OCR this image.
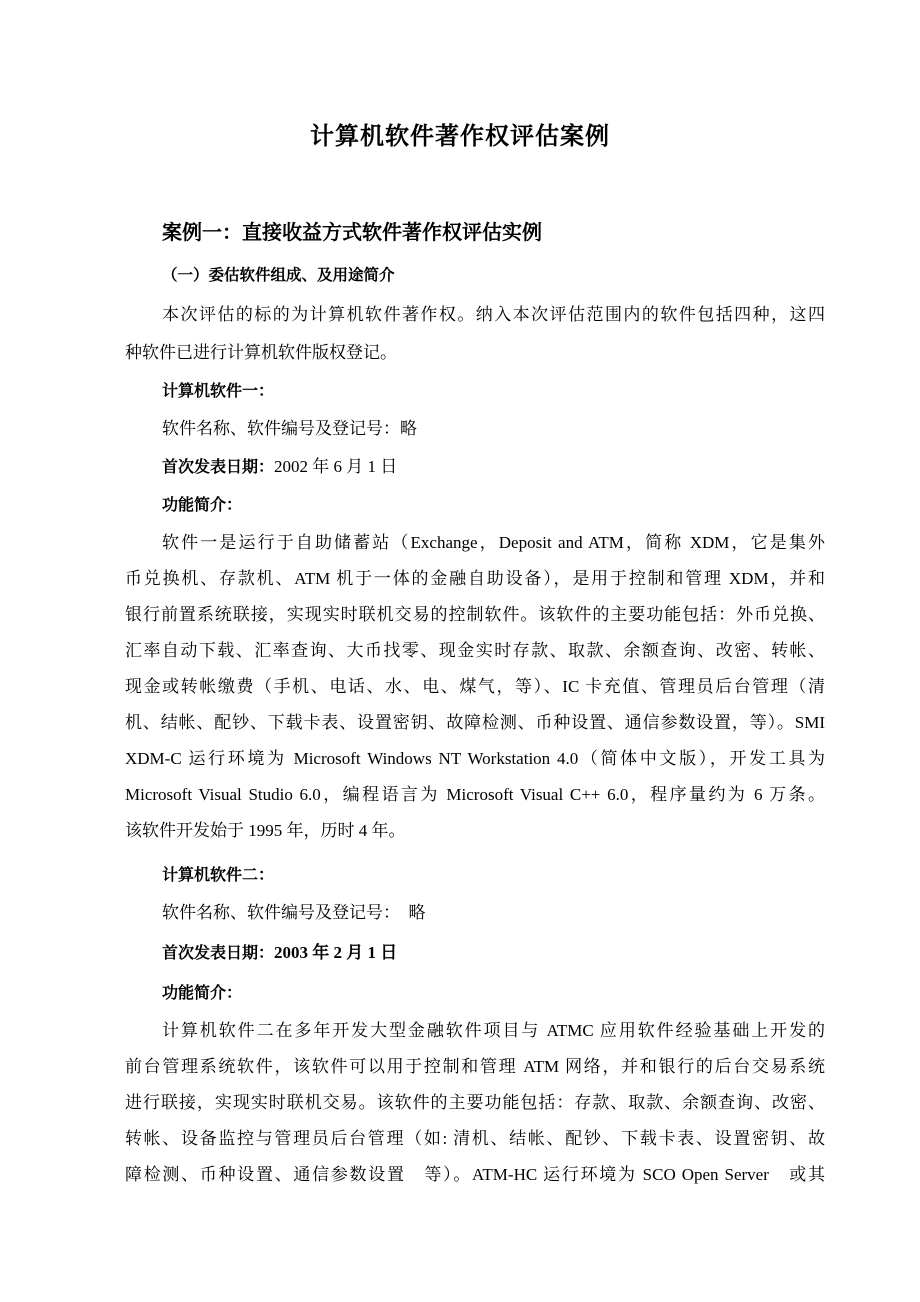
计算机软件著作权评估案例
案例一：直接收益方式软件著作权评估实例
（一）委估软件组成、及用途简介
本次评估的标的为计算机软件著作权。纳入本次评估范围内的软件包括四种，这四
种软件已进行计算机软件版权登记。
计算机软件一：
软件名称、软件编号及登记号：略
首次发表日期：2002 年 6 月 1 日
功能简介：
软件一是运行于自助储蓄站（Exchange，Deposit and ATM，简称 XDM，它是集外
币兑换机、存款机、ATM 机于一体的金融自助设备），是用于控制和管理 XDM，并和
银行前置系统联接，实现实时联机交易的控制软件。该软件的主要功能包括：外币兑换、
汇率自动下载、汇率查询、大币找零、现金实时存款、取款、余额查询、改密、转帐、
现金或转帐缴费（手机、电话、水、电、煤气，等）、IC 卡充值、管理员后台管理（清
机、结帐、配钞、下载卡表、设置密钥、故障检测、币种设置、通信参数设置，等）。SMI
XDM-C 运行环境为 Microsoft Windows NT Workstation 4.0（简体中文版），开发工具为
Microsoft Visual Studio 6.0，编程语言为 Microsoft Visual C++ 6.0，程序量约为 6 万条。
该软件开发始于 1995 年，历时 4 年。
计算机软件二：
软件名称、软件编号及登记号：　略
首次发表日期：2003 年 2 月 1 日
功能简介：
计算机软件二在多年开发大型金融软件项目与 ATMC 应用软件经验基础上开发的
前台管理系统软件，该软件可以用于控制和管理 ATM 网络，并和银行的后台交易系统
进行联接，实现实时联机交易。该软件的主要功能包括：存款、取款、余额查询、改密、
转帐、设备监控与管理员后台管理（如: 清机、结帐、配钞、下载卡表、设置密钥、故
障检测、币种设置、通信参数设置　等）。ATM-HC 运行环境为 SCO Open Server　或其
